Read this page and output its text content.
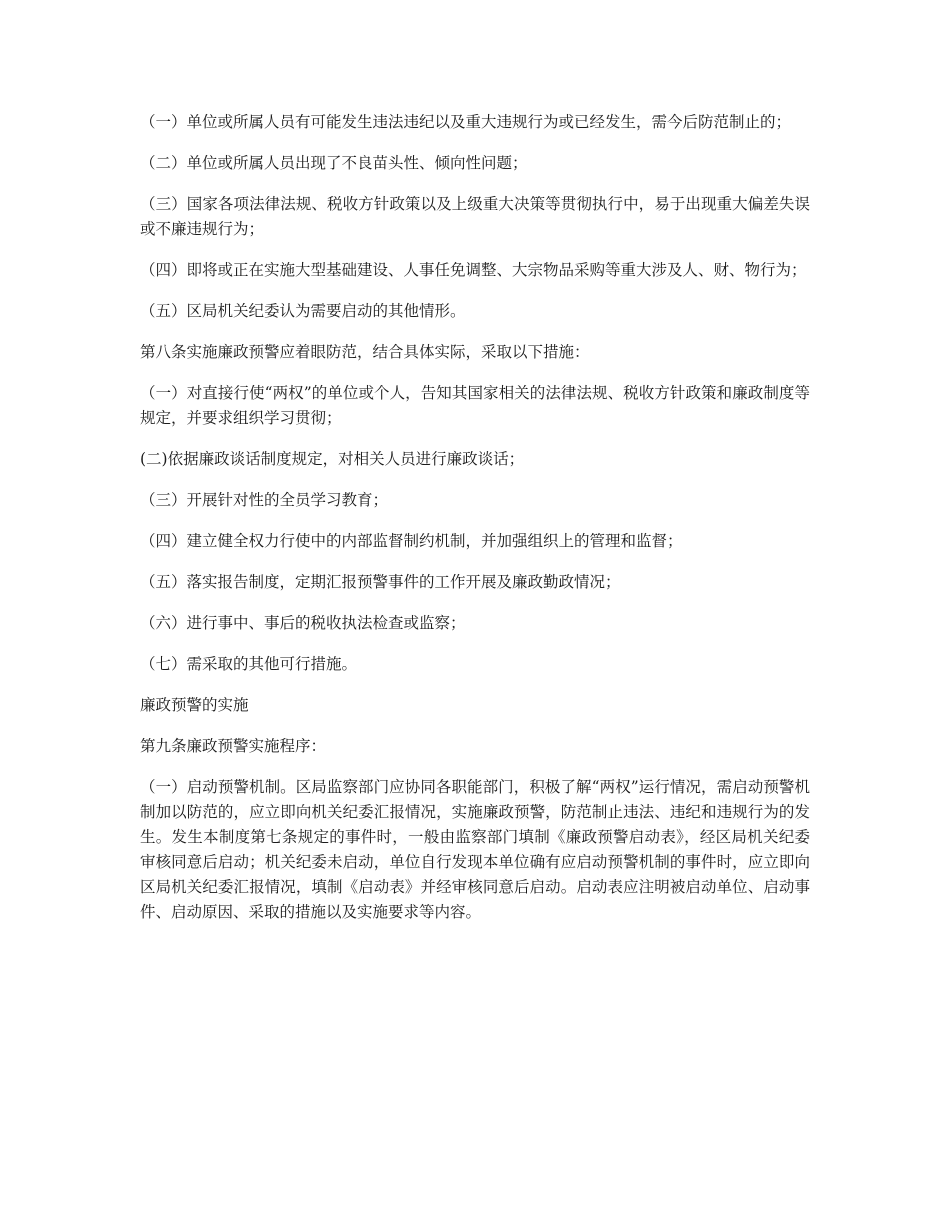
（一）单位或所属人员有可能发生违法违纪以及重大违规行为或已经发生，需今后防范制止的；

（二）单位或所属人员出现了不良苗头性、倾向性问题；

（三）国家各项法律法规、税收方针政策以及上级重大决策等贯彻执行中，易于出现重大偏差失误或不廉违规行为；

（四）即将或正在实施大型基础建设、人事任免调整、大宗物品采购等重大涉及人、财、物行为；

（五）区局机关纪委认为需要启动的其他情形。

第八条实施廉政预警应着眼防范，结合具体实际，采取以下措施：

（一）对直接行使“两权”的单位或个人，告知其国家相关的法律法规、税收方针政策和廉政制度等规定，并要求组织学习贯彻；

(二)依据廉政谈话制度规定，对相关人员进行廉政谈话；

（三）开展针对性的全员学习教育；

（四）建立健全权力行使中的内部监督制约机制，并加强组织上的管理和监督；

（五）落实报告制度，定期汇报预警事件的工作开展及廉政勤政情况；

（六）进行事中、事后的税收执法检查或监察；

（七）需采取的其他可行措施。

廉政预警的实施

第九条廉政预警实施程序：

（一）启动预警机制。区局监察部门应协同各职能部门，积极了解“两权”运行情况，需启动预警机制加以防范的，应立即向机关纪委汇报情况，实施廉政预警，防范制止违法、违纪和违规行为的发生。发生本制度第七条规定的事件时，一般由监察部门填制《廉政预警启动表》，经区局机关纪委审核同意后启动；机关纪委未启动，单位自行发现本单位确有应启动预警机制的事件时，应立即向区局机关纪委汇报情况，填制《启动表》并经审核同意后启动。启动表应注明被启动单位、启动事件、启动原因、采取的措施以及实施要求等内容。
